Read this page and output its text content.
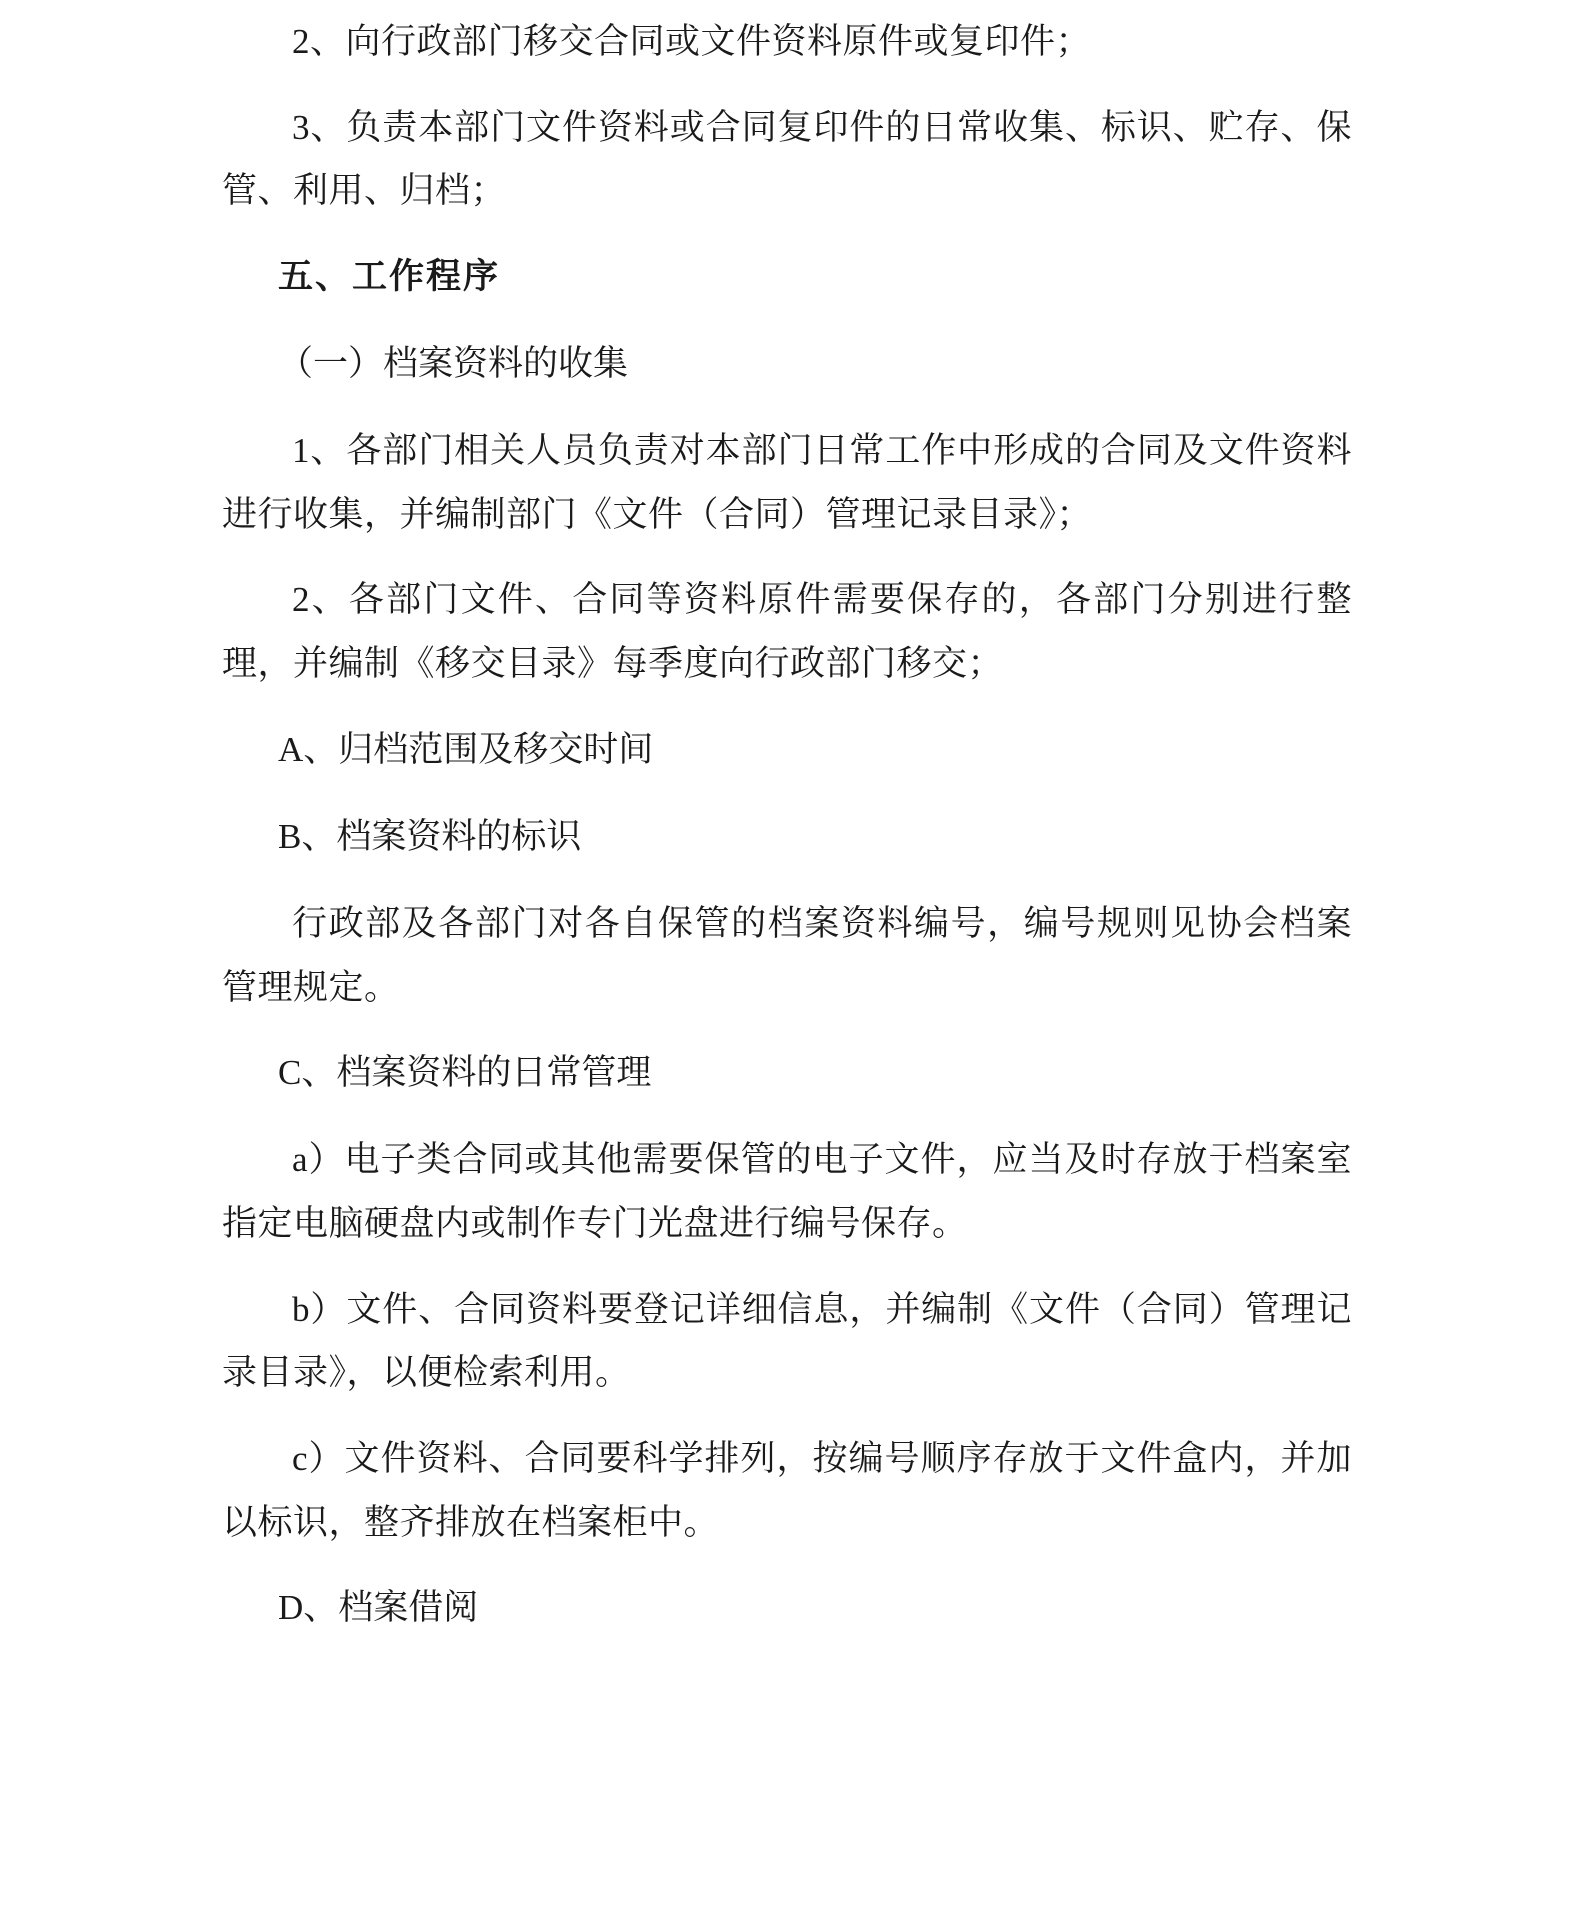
2、向行政部门移交合同或文件资料原件或复印件；

3、负责本部门文件资料或合同复印件的日常收集、标识、贮存、保管、利用、归档；

五、工作程序

（一）档案资料的收集

1、各部门相关人员负责对本部门日常工作中形成的合同及文件资料进行收集，并编制部门《文件（合同）管理记录目录》；

2、各部门文件、合同等资料原件需要保存的，各部门分别进行整理，并编制《移交目录》每季度向行政部门移交；

A、归档范围及移交时间

B、档案资料的标识

行政部及各部门对各自保管的档案资料编号，编号规则见协会档案管理规定。

C、档案资料的日常管理

a）电子类合同或其他需要保管的电子文件，应当及时存放于档案室指定电脑硬盘内或制作专门光盘进行编号保存。

b）文件、合同资料要登记详细信息，并编制《文件（合同）管理记录目录》，以便检索利用。

c）文件资料、合同要科学排列，按编号顺序存放于文件盒内，并加以标识，整齐排放在档案柜中。

D、档案借阅
